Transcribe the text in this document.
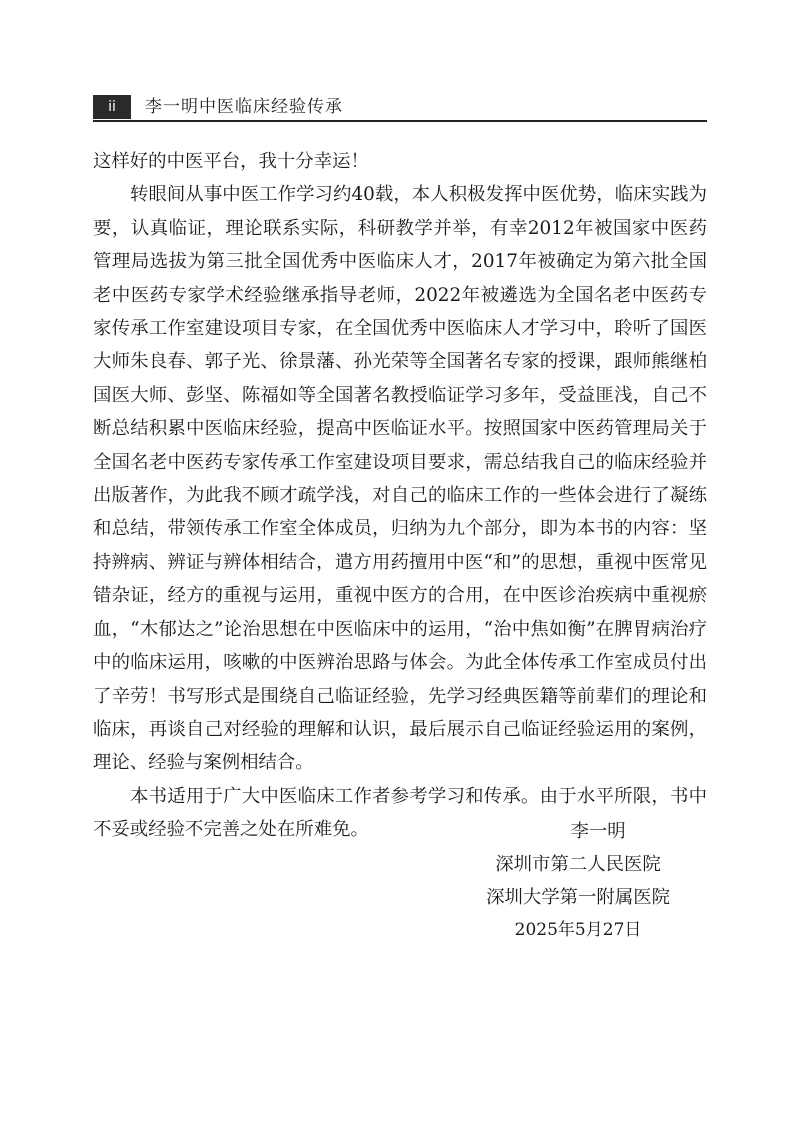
ii	李一明中医临床经验传承

这样好的中医平台，我十分幸运！

转眼间从事中医工作学习约40载，本人积极发挥中医优势，临床实践为要，认真临证，理论联系实际，科研教学并举，有幸2012年被国家中医药管理局选拔为第三批全国优秀中医临床人才，2017年被确定为第六批全国老中医药专家学术经验继承指导老师，2022年被遴选为全国名老中医药专家传承工作室建设项目专家，在全国优秀中医临床人才学习中，聆听了国医大师朱良春、郭子光、徐景藩、孙光荣等全国著名专家的授课，跟师熊继柏国医大师、彭坚、陈福如等全国著名教授临证学习多年，受益匪浅，自己不断总结积累中医临床经验，提高中医临证水平。按照国家中医药管理局关于全国名老中医药专家传承工作室建设项目要求，需总结我自己的临床经验并出版著作，为此我不顾才疏学浅，对自己的临床工作的一些体会进行了凝练和总结，带领传承工作室全体成员，归纳为九个部分，即为本书的内容：坚持辨病、辨证与辨体相结合，遣方用药擅用中医“和”的思想，重视中医常见错杂证，经方的重视与运用，重视中医方的合用，在中医诊治疾病中重视瘀血，“木郁达之”论治思想在中医临床中的运用，“治中焦如衡”在脾胃病治疗中的临床运用，咳嗽的中医辨治思路与体会。为此全体传承工作室成员付出了辛劳！书写形式是围绕自己临证经验，先学习经典医籍等前辈们的理论和临床，再谈自己对经验的理解和认识，最后展示自己临证经验运用的案例，理论、经验与案例相结合。

本书适用于广大中医临床工作者参考学习和传承。由于水平所限，书中不妥或经验不完善之处在所难免。	李一明
深圳市第二人民医院
深圳大学第一附属医院
2025年5月27日
